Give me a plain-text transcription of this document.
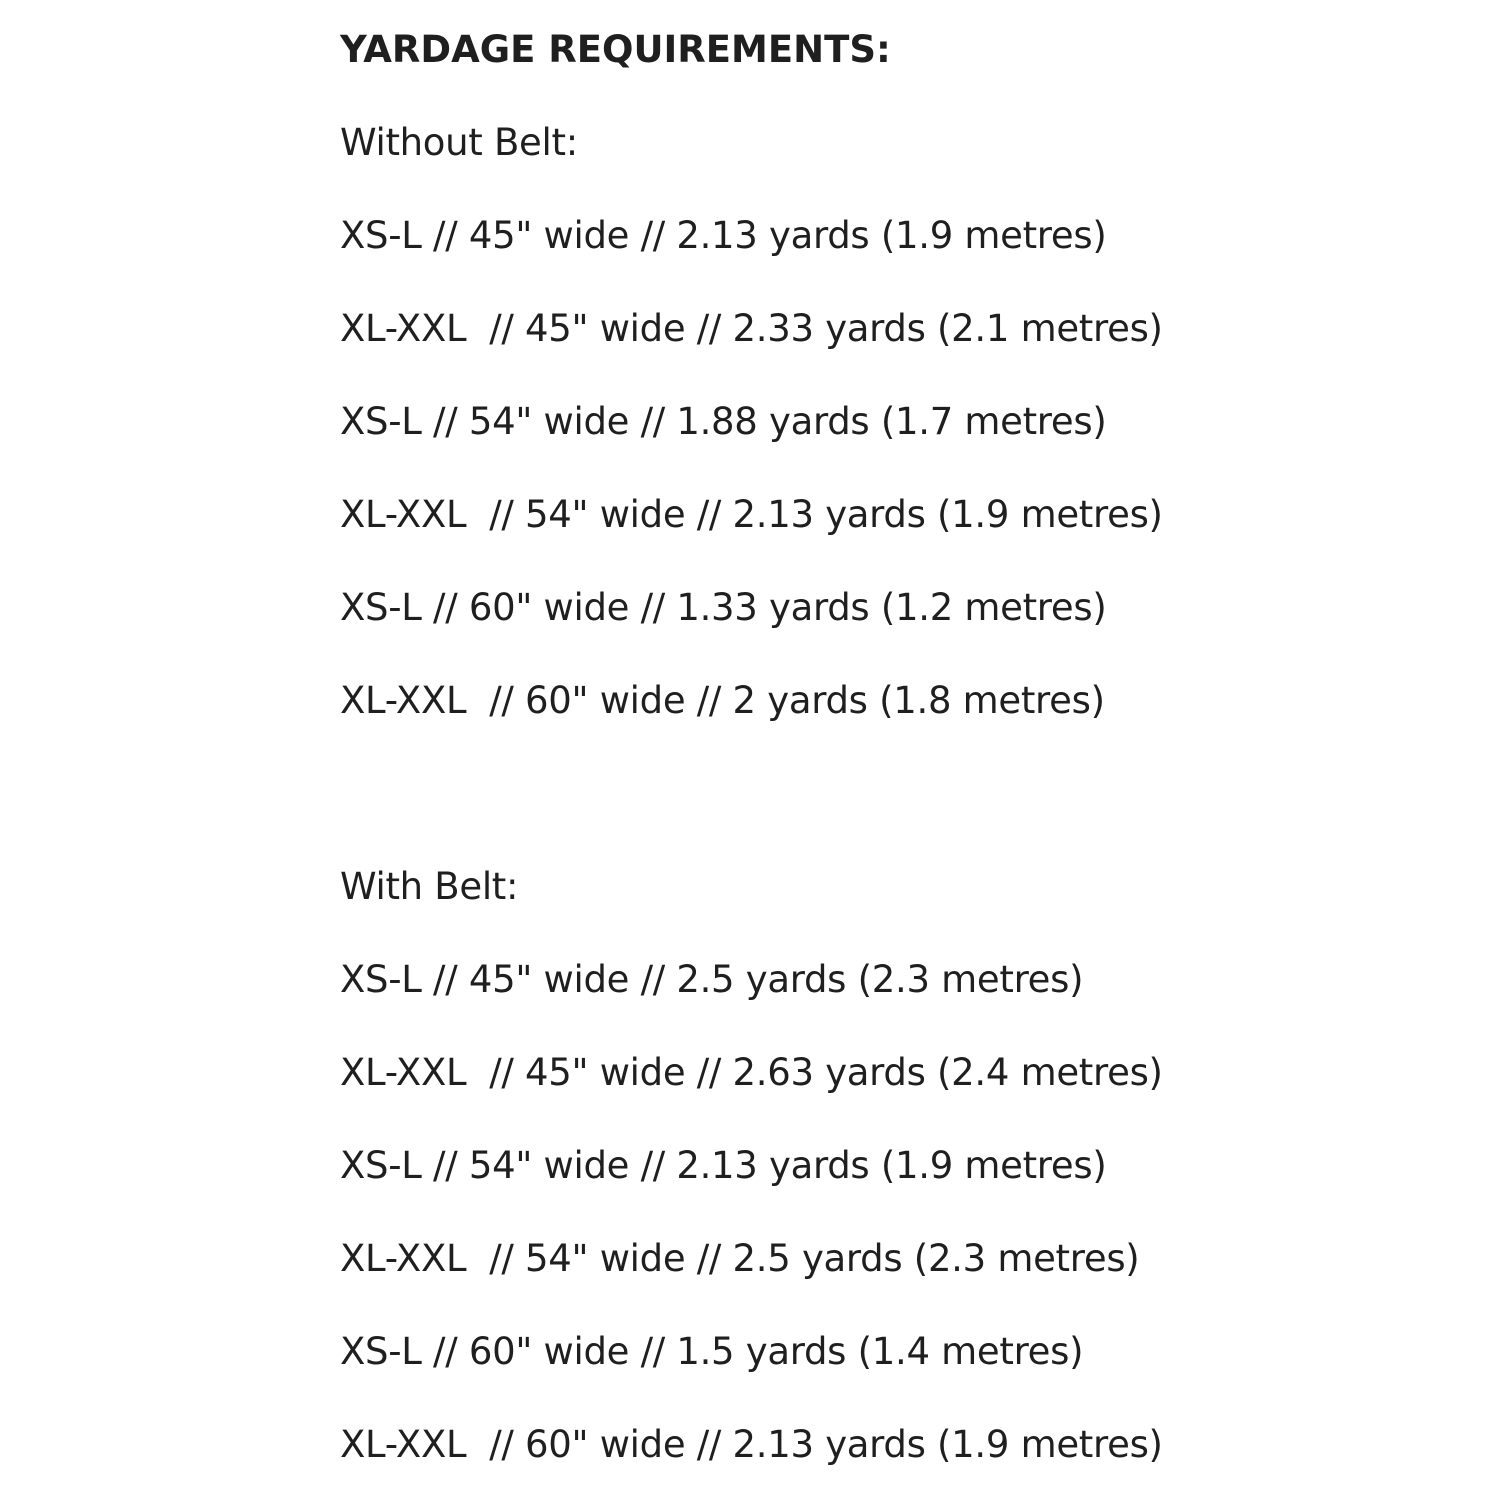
YARDAGE REQUIREMENTS:

Without Belt:

XS-L // 45" wide // 2.13 yards (1.9 metres)

XL-XXL  // 45" wide // 2.33 yards (2.1 metres)

XS-L // 54" wide // 1.88 yards (1.7 metres)

XL-XXL  // 54" wide // 2.13 yards (1.9 metres)

XS-L // 60" wide // 1.33 yards (1.2 metres)

XL-XXL  // 60" wide // 2 yards (1.8 metres)

With Belt:

XS-L // 45" wide // 2.5 yards (2.3 metres)

XL-XXL  // 45" wide // 2.63 yards (2.4 metres)

XS-L // 54" wide // 2.13 yards (1.9 metres)

XL-XXL  // 54" wide // 2.5 yards (2.3 metres)

XS-L // 60" wide // 1.5 yards (1.4 metres)

XL-XXL  // 60" wide // 2.13 yards (1.9 metres)
